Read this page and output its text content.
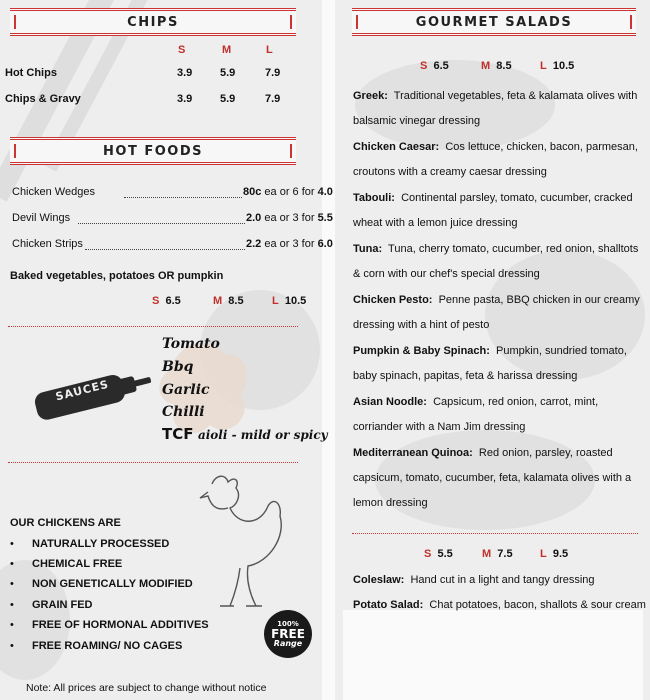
CHIPS
S	M	L
Hot Chips	3.9	5.9	7.9
Chips & Gravy	3.9	5.9	7.9
HOT FOODS
Chicken Wedges	80c ea or 6 for 4.0
Devil Wings	2.0 ea or 3 for 5.5
Chicken Strips	2.2 ea or 3 for 6.0
Baked vegetables, potatoes OR pumpkin
S 6.5	M 8.5	L 10.5
SAUCES
Tomato
Bbq
Garlic
Chilli
TCF aioli - mild or spicy
OUR CHICKENS ARE
• NATURALLY PROCESSED
• CHEMICAL FREE
• NON GENETICALLY MODIFIED
• GRAIN FED
• FREE OF HORMONAL ADDITIVES
• FREE ROAMING/ NO CAGES
100%
FREE
Range
Note: All prices are subject to change without notice
GOURMET SALADS
S 6.5	M 8.5	L 10.5
Greek: Traditional vegetables, feta & kalamata olives with balsamic vinegar dressing
Chicken Caesar: Cos lettuce, chicken, bacon, parmesan, croutons with a creamy caesar dressing
Tabouli: Continental parsley, tomato, cucumber, cracked wheat with a lemon juice dressing
Tuna: Tuna, cherry tomato, cucumber, red onion, shalltots & corn with our chef's special dressing
Chicken Pesto: Penne pasta, BBQ chicken in our creamy dressing with a hint of pesto
Pumpkin & Baby Spinach: Pumpkin, sundried tomato, baby spinach, papitas, feta & harissa dressing
Asian Noodle: Capsicum, red onion, carrot, mint, corriander with a Nam Jim dressing
Mediterranean Quinoa: Red onion, parsley, roasted capsicum, tomato, cucumber, feta, kalamata olives with a lemon dressing
S 5.5	M 7.5 L 9.5
Coleslaw: Hand cut in a light and tangy dressing
Potato Salad: Chat potatoes, bacon, shallots & sour cream
